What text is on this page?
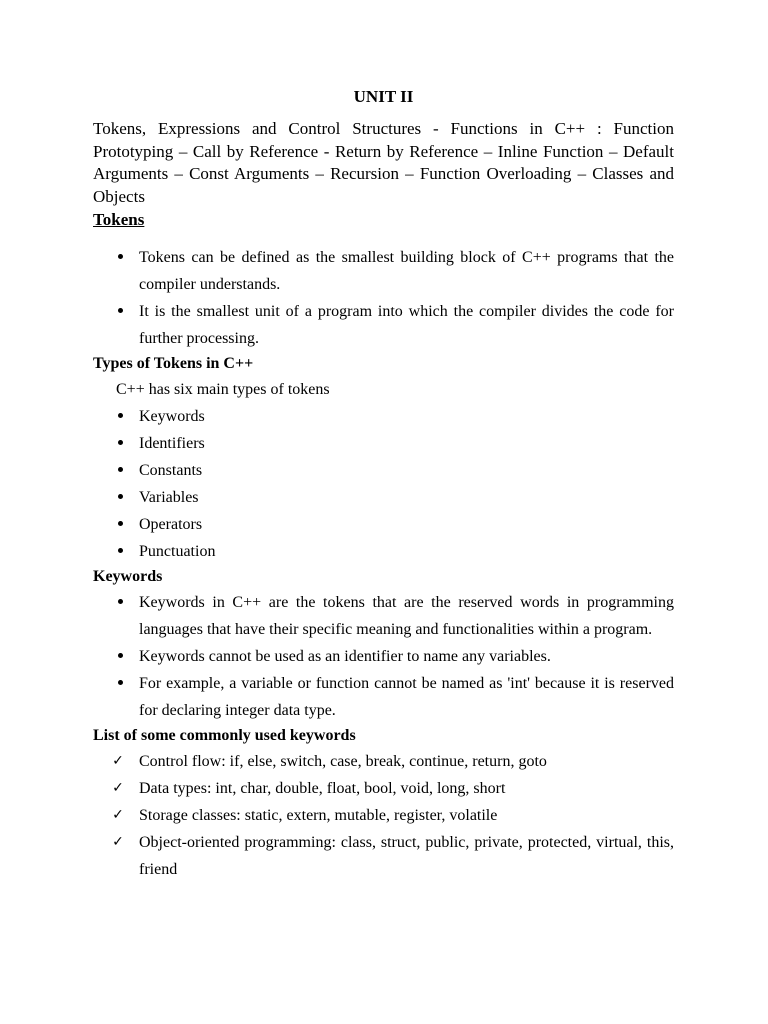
UNIT II

Tokens, Expressions and Control Structures - Functions in C++ : Function Prototyping – Call by Reference - Return by Reference – Inline Function – Default Arguments – Const Arguments – Recursion – Function Overloading – Classes and Objects

Tokens
Tokens can be defined as the smallest building block of C++ programs that the compiler understands.
It is the smallest unit of a program into which the compiler divides the code for further processing.
Types of Tokens in C++

C++ has six main types of tokens

Keywords
Identifiers
Constants
Variables
Operators
Punctuation
Keywords
Keywords in C++ are the tokens that are the reserved words in programming languages that have their specific meaning and functionalities within a program.
Keywords cannot be used as an identifier to name any variables.
For example, a variable or function cannot be named as 'int' because it is reserved for declaring integer data type.
List of some commonly used keywords
✓ Control flow: if, else, switch, case, break, continue, return, goto
✓ Data types: int, char, double, float, bool, void, long, short
✓ Storage classes: static, extern, mutable, register, volatile
✓ Object-oriented programming: class, struct, public, private, protected, virtual, this, friend
